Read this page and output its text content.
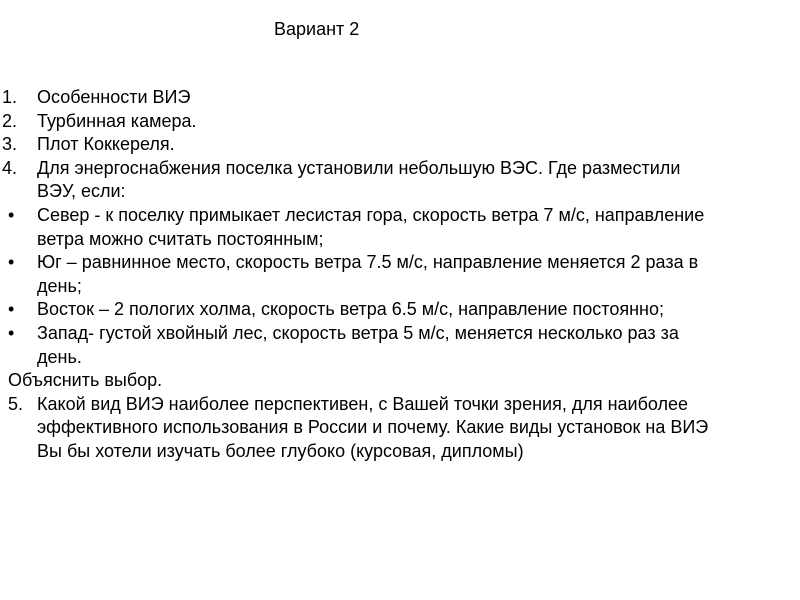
Вариант 2
1. Особенности ВИЭ
2. Турбинная камера.
3. Плот Коккереля.
4. Для энергоснабжения поселка установили небольшую ВЭС. Где разместили
ВЭУ, если:
• Север - к поселку примыкает лесистая гора, скорость ветра 7 м/с, направление
ветра можно считать постоянным;
• Юг – равнинное место, скорость ветра 7.5 м/с, направление меняется 2 раза в
день;
• Восток – 2 пологих холма, скорость ветра 6.5 м/с, направление постоянно;
• Запад- густой хвойный лес, скорость ветра 5 м/с, меняется несколько раз за
день.
Объяснить выбор.
5. Какой вид ВИЭ наиболее перспективен, с Вашей точки зрения, для наиболее
эффективного использования в России и почему. Какие виды установок на ВИЭ
Вы бы хотели изучать более глубоко (курсовая, дипломы)
